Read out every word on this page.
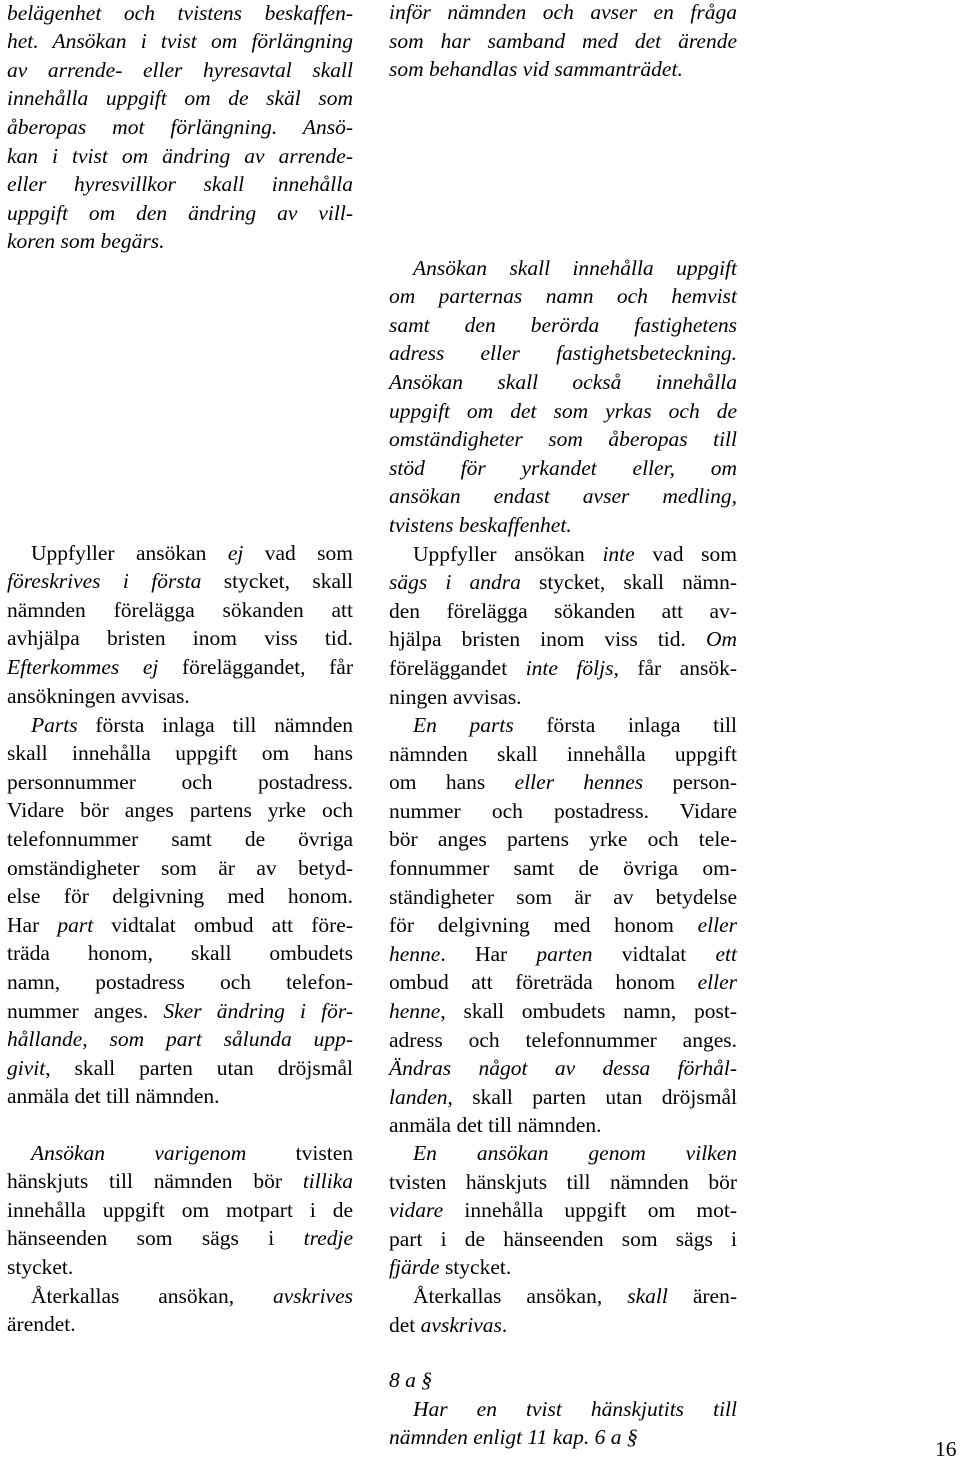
belägenhet och tvistens beskaffen-
het. Ansökan i tvist om förlängning
av arrende- eller hyresavtal skall
innehålla uppgift om de skäl som
åberopas mot förlängning. Ansö-
kan i tvist om ändring av arrende-
eller hyresvillkor skall innehålla
uppgift om den ändring av vill-
koren som begärs.
Uppfyller ansökan ej vad som
föreskrives i första stycket, skall
nämnden förelägga sökanden att
avhjälpa bristen inom viss tid.
Efterkommes ej föreläggandet, får
ansökningen avvisas.
Parts första inlaga till nämnden
skall innehålla uppgift om hans
personnummer och postadress.
Vidare bör anges partens yrke och
telefonnummer samt de övriga
omständigheter som är av betyd-
else för delgivning med honom.
Har part vidtalat ombud att före-
träda honom, skall ombudets
namn, postadress och telefon-
nummer anges. Sker ändring i för-
hållande, som part sålunda upp-
givit, skall parten utan dröjsmål
anmäla det till nämnden.
Ansökan varigenom tvisten
hänskjuts till nämnden bör tillika
innehålla uppgift om motpart i de
hänseenden som sägs i tredje
stycket.
Återkallas ansökan, avskrives
ärendet.
inför nämnden och avser en fråga
som har samband med det ärende
som behandlas vid sammanträdet.
Ansökan skall innehålla uppgift
om parternas namn och hemvist
samt den berörda fastighetens
adress eller fastighetsbeteckning.
Ansökan skall också innehålla
uppgift om det som yrkas och de
omständigheter som åberopas till
stöd för yrkandet eller, om
ansökan endast avser medling,
tvistens beskaffenhet.
Uppfyller ansökan inte vad som
sägs i andra stycket, skall nämn-
den förelägga sökanden att av-
hjälpa bristen inom viss tid. Om
föreläggandet inte följs, får ansök-
ningen avvisas.
En parts första inlaga till
nämnden skall innehålla uppgift
om hans eller hennes person-
nummer och postadress. Vidare
bör anges partens yrke och tele-
fonnummer samt de övriga om-
ständigheter som är av betydelse
för delgivning med honom eller
henne. Har parten vidtalat ett
ombud att företräda honom eller
henne, skall ombudets namn, post-
adress och telefonnummer anges.
Ändras något av dessa förhål-
landen, skall parten utan dröjsmål
anmäla det till nämnden.
En ansökan genom vilken
tvisten hänskjuts till nämnden bör
vidare innehålla uppgift om mot-
part i de hänseenden som sägs i
fjärde stycket.
Återkallas ansökan, skall ären-
det avskrivas.
8 a §
Har en tvist hänskjutits till
nämnden enligt 11 kap. 6 a §	16
